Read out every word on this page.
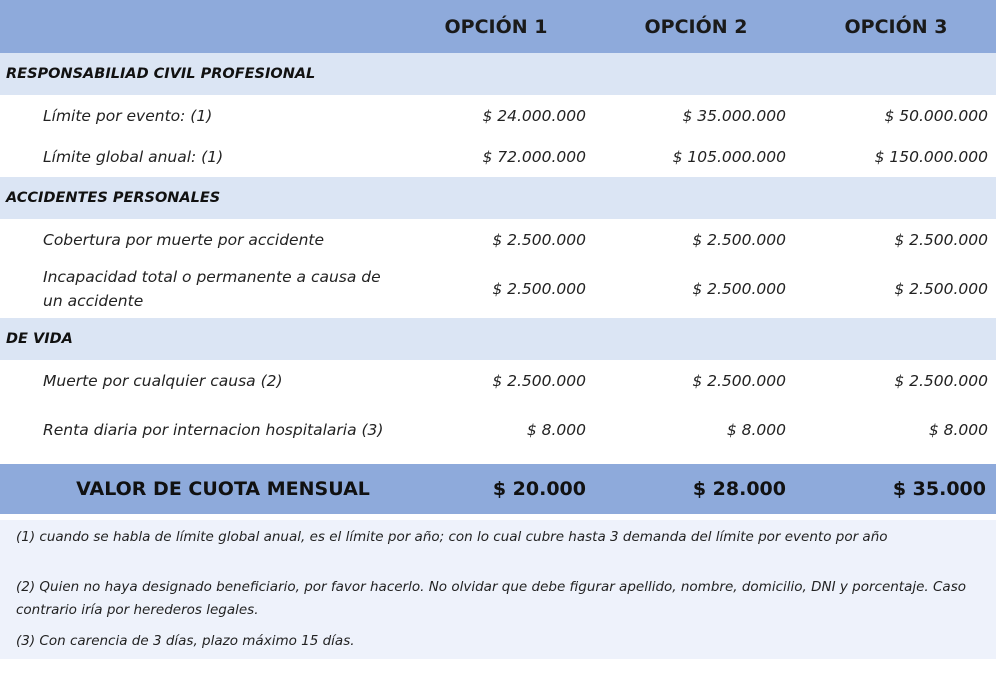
	OPCIÓN 1	OPCIÓN 2	OPCIÓN 3
RESPONSABILIAD CIVIL PROFESIONAL			
Límite por evento: (1)	$ 24.000.000	$ 35.000.000	$ 50.000.000
Límite global anual: (1)	$ 72.000.000	$ 105.000.000	$ 150.000.000
ACCIDENTES PERSONALES			
Cobertura por muerte por accidente	$ 2.500.000	$ 2.500.000	$ 2.500.000
Incapacidad total o permanente a causa de un accidente	$ 2.500.000	$ 2.500.000	$ 2.500.000
DE VIDA			
Muerte por cualquier causa (2)	$ 2.500.000	$ 2.500.000	$ 2.500.000
Renta diaria por internacion hospitalaria (3)	$ 8.000	$ 8.000	$ 8.000

VALOR DE CUOTA MENSUAL	$ 20.000	$ 28.000	$ 35.000
(1) cuando se habla de límite global anual, es el límite por año; con lo cual cubre hasta 3 demanda del límite por evento por año
(2) Quien no haya designado beneficiario, por favor hacerlo. No olvidar que debe figurar apellido, nombre, domicilio, DNI y porcentaje. Caso contrario iría por herederos legales.
(3) Con carencia de 3 días, plazo máximo 15 días.
